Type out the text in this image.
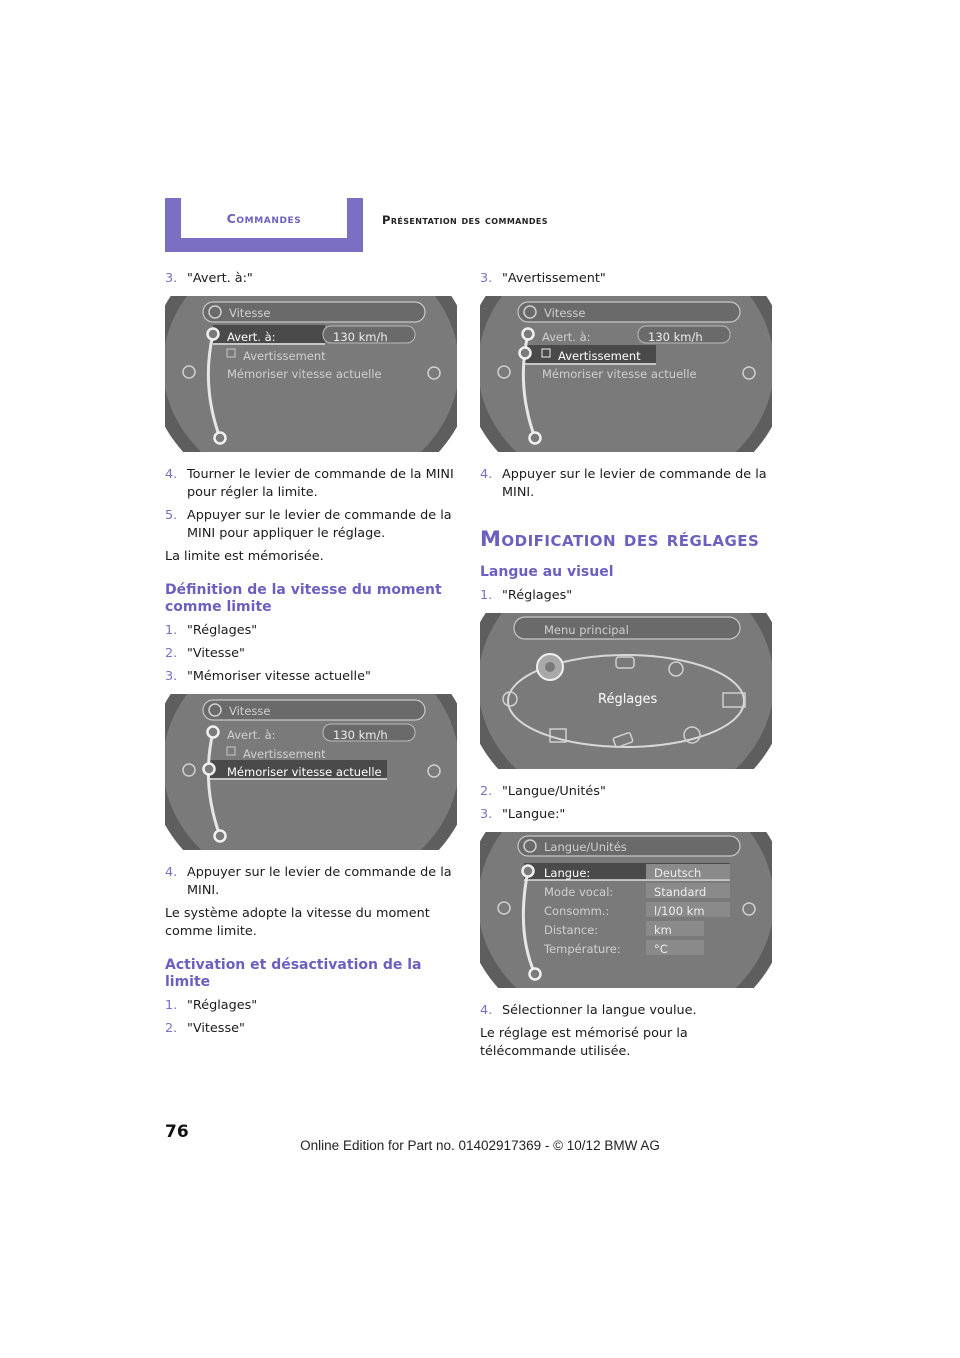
Commandes	Présentation des commandes
3. "Avert. à:"
Vitesse
Avert. à:	130 km/h
Avertissement
Mémoriser vitesse actuelle
4. Tourner le levier de commande de la MINI pour régler la limite.
5. Appuyer sur le levier de commande de la MINI pour appliquer le réglage.
La limite est mémorisée.
Définition de la vitesse du moment comme limite
1. "Réglages"
2. "Vitesse"
3. "Mémoriser vitesse actuelle"
Vitesse
Avert. à:	130 km/h
Avertissement
Mémoriser vitesse actuelle
4. Appuyer sur le levier de commande de la MINI.
Le système adopte la vitesse du moment comme limite.
Activation et désactivation de la limite
1. "Réglages"
2. "Vitesse"
3. "Avertissement"
Vitesse
Avert. à:	130 km/h
Avertissement
Mémoriser vitesse actuelle
4. Appuyer sur le levier de commande de la MINI.
Modification des réglages
Langue au visuel
1. "Réglages"
Menu principal
Réglages
2. "Langue/Unités"
3. "Langue:"
Langue/Unités
Langue:	Deutsch
Mode vocal:	Standard
Consomm.:	l/100 km
Distance:	km
Température:	°C
4. Sélectionner la langue voulue.
Le réglage est mémorisé pour la télécommande utilisée.
76
Online Edition for Part no. 01402917369 - © 10/12 BMW AG
